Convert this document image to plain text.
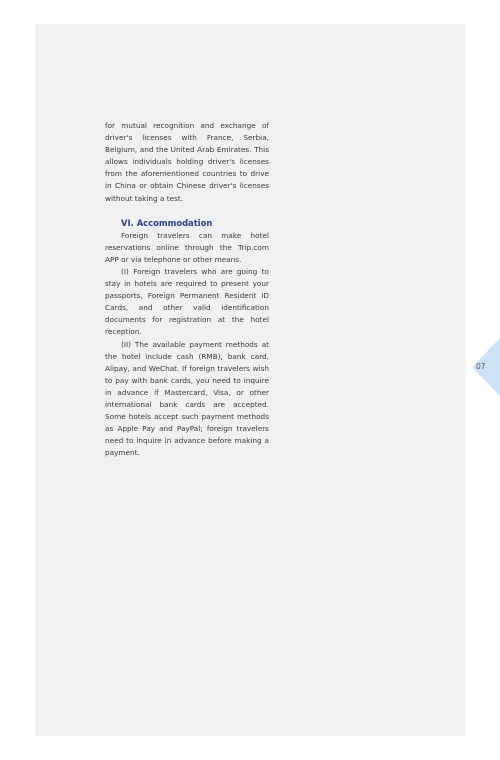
for mutual recognition and exchange of driver's licenses with France, Serbia, Belgium, and the United Arab Emirates. This allows individuals holding driver's licenses from the aforementioned countries to drive in China or obtain Chinese driver's licenses without taking a test.

VI. Accommodation

Foreign travelers can make hotel reservations online through the Trip.com APP or via telephone or other means.

(I) Foreign travelers who are going to stay in hotels are required to present your passports, Foreign Permanent Resident ID Cards, and other valid identification documents for registration at the hotel reception.

(II) The available payment methods at the hotel include cash (RMB), bank card, Alipay, and WeChat. If foreign travelers wish to pay with bank cards, you need to inquire in advance if Mastercard, Visa, or other international bank cards are accepted. Some hotels accept such payment methods as Apple Pay and PayPal; foreign travelers need to inquire in advance before making a payment.

07
